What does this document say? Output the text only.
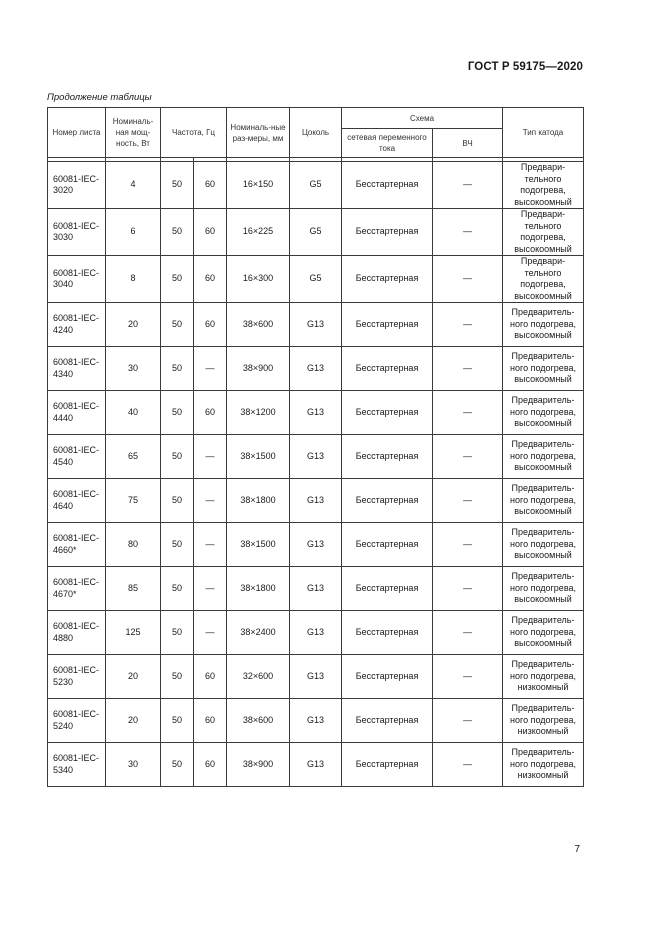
ГОСТ Р 59175—2020
Продолжение таблицы
Номер листа	Номиналь-ная мощ-ность, Вт	Частота, Гц		Номиналь-ные раз-меры, мм	Цоколь	Схема		Тип катода
						сетевая переменного тока	ВЧ	

60081-IEC-3020	4	50	60	16×150	G5	Бесстартерная	—	Предвари-тельного подогрева, высокоомный
60081-IEC-3030	6	50	60	16×225	G5	Бесстартерная	—	Предвари-тельного подогрева, высокоомный
60081-IEC-3040	8	50	60	16×300	G5	Бесстартерная	—	Предвари-тельного подогрева, высокоомный
60081-IEC-4240	20	50	60	38×600	G13	Бесстартерная	—	Предваритель-ного подогрева, высокоомный
60081-IEC-4340	30	50	—	38×900	G13	Бесстартерная	—	Предваритель-ного подогрева, высокоомный
60081-IEC-4440	40	50	60	38×1200	G13	Бесстартерная	—	Предваритель-ного подогрева, высокоомный
60081-IEC-4540	65	50	—	38×1500	G13	Бесстартерная	—	Предваритель-ного подогрева, высокоомный
60081-IEC-4640	75	50	—	38×1800	G13	Бесстартерная	—	Предваритель-ного подогрева, высокоомный
60081-IEC-4660*	80	50	—	38×1500	G13	Бесстартерная	—	Предваритель-ного подогрева, высокоомный
60081-IEC-4670*	85	50	—	38×1800	G13	Бесстартерная	—	Предваритель-ного подогрева, высокоомный
60081-IEC-4880	125	50	—	38×2400	G13	Бесстартерная	—	Предваритель-ного подогрева, высокоомный
60081-IEC-5230	20	50	60	32×600	G13	Бесстартерная	—	Предваритель-ного подогрева, низкоомный
60081-IEC-5240	20	50	60	38×600	G13	Бесстартерная	—	Предваритель-ного подогрева, низкоомный
60081-IEC-5340	30	50	60	38×900	G13	Бесстартерная	—	Предваритель-ного подогрева, низкоомный
7
